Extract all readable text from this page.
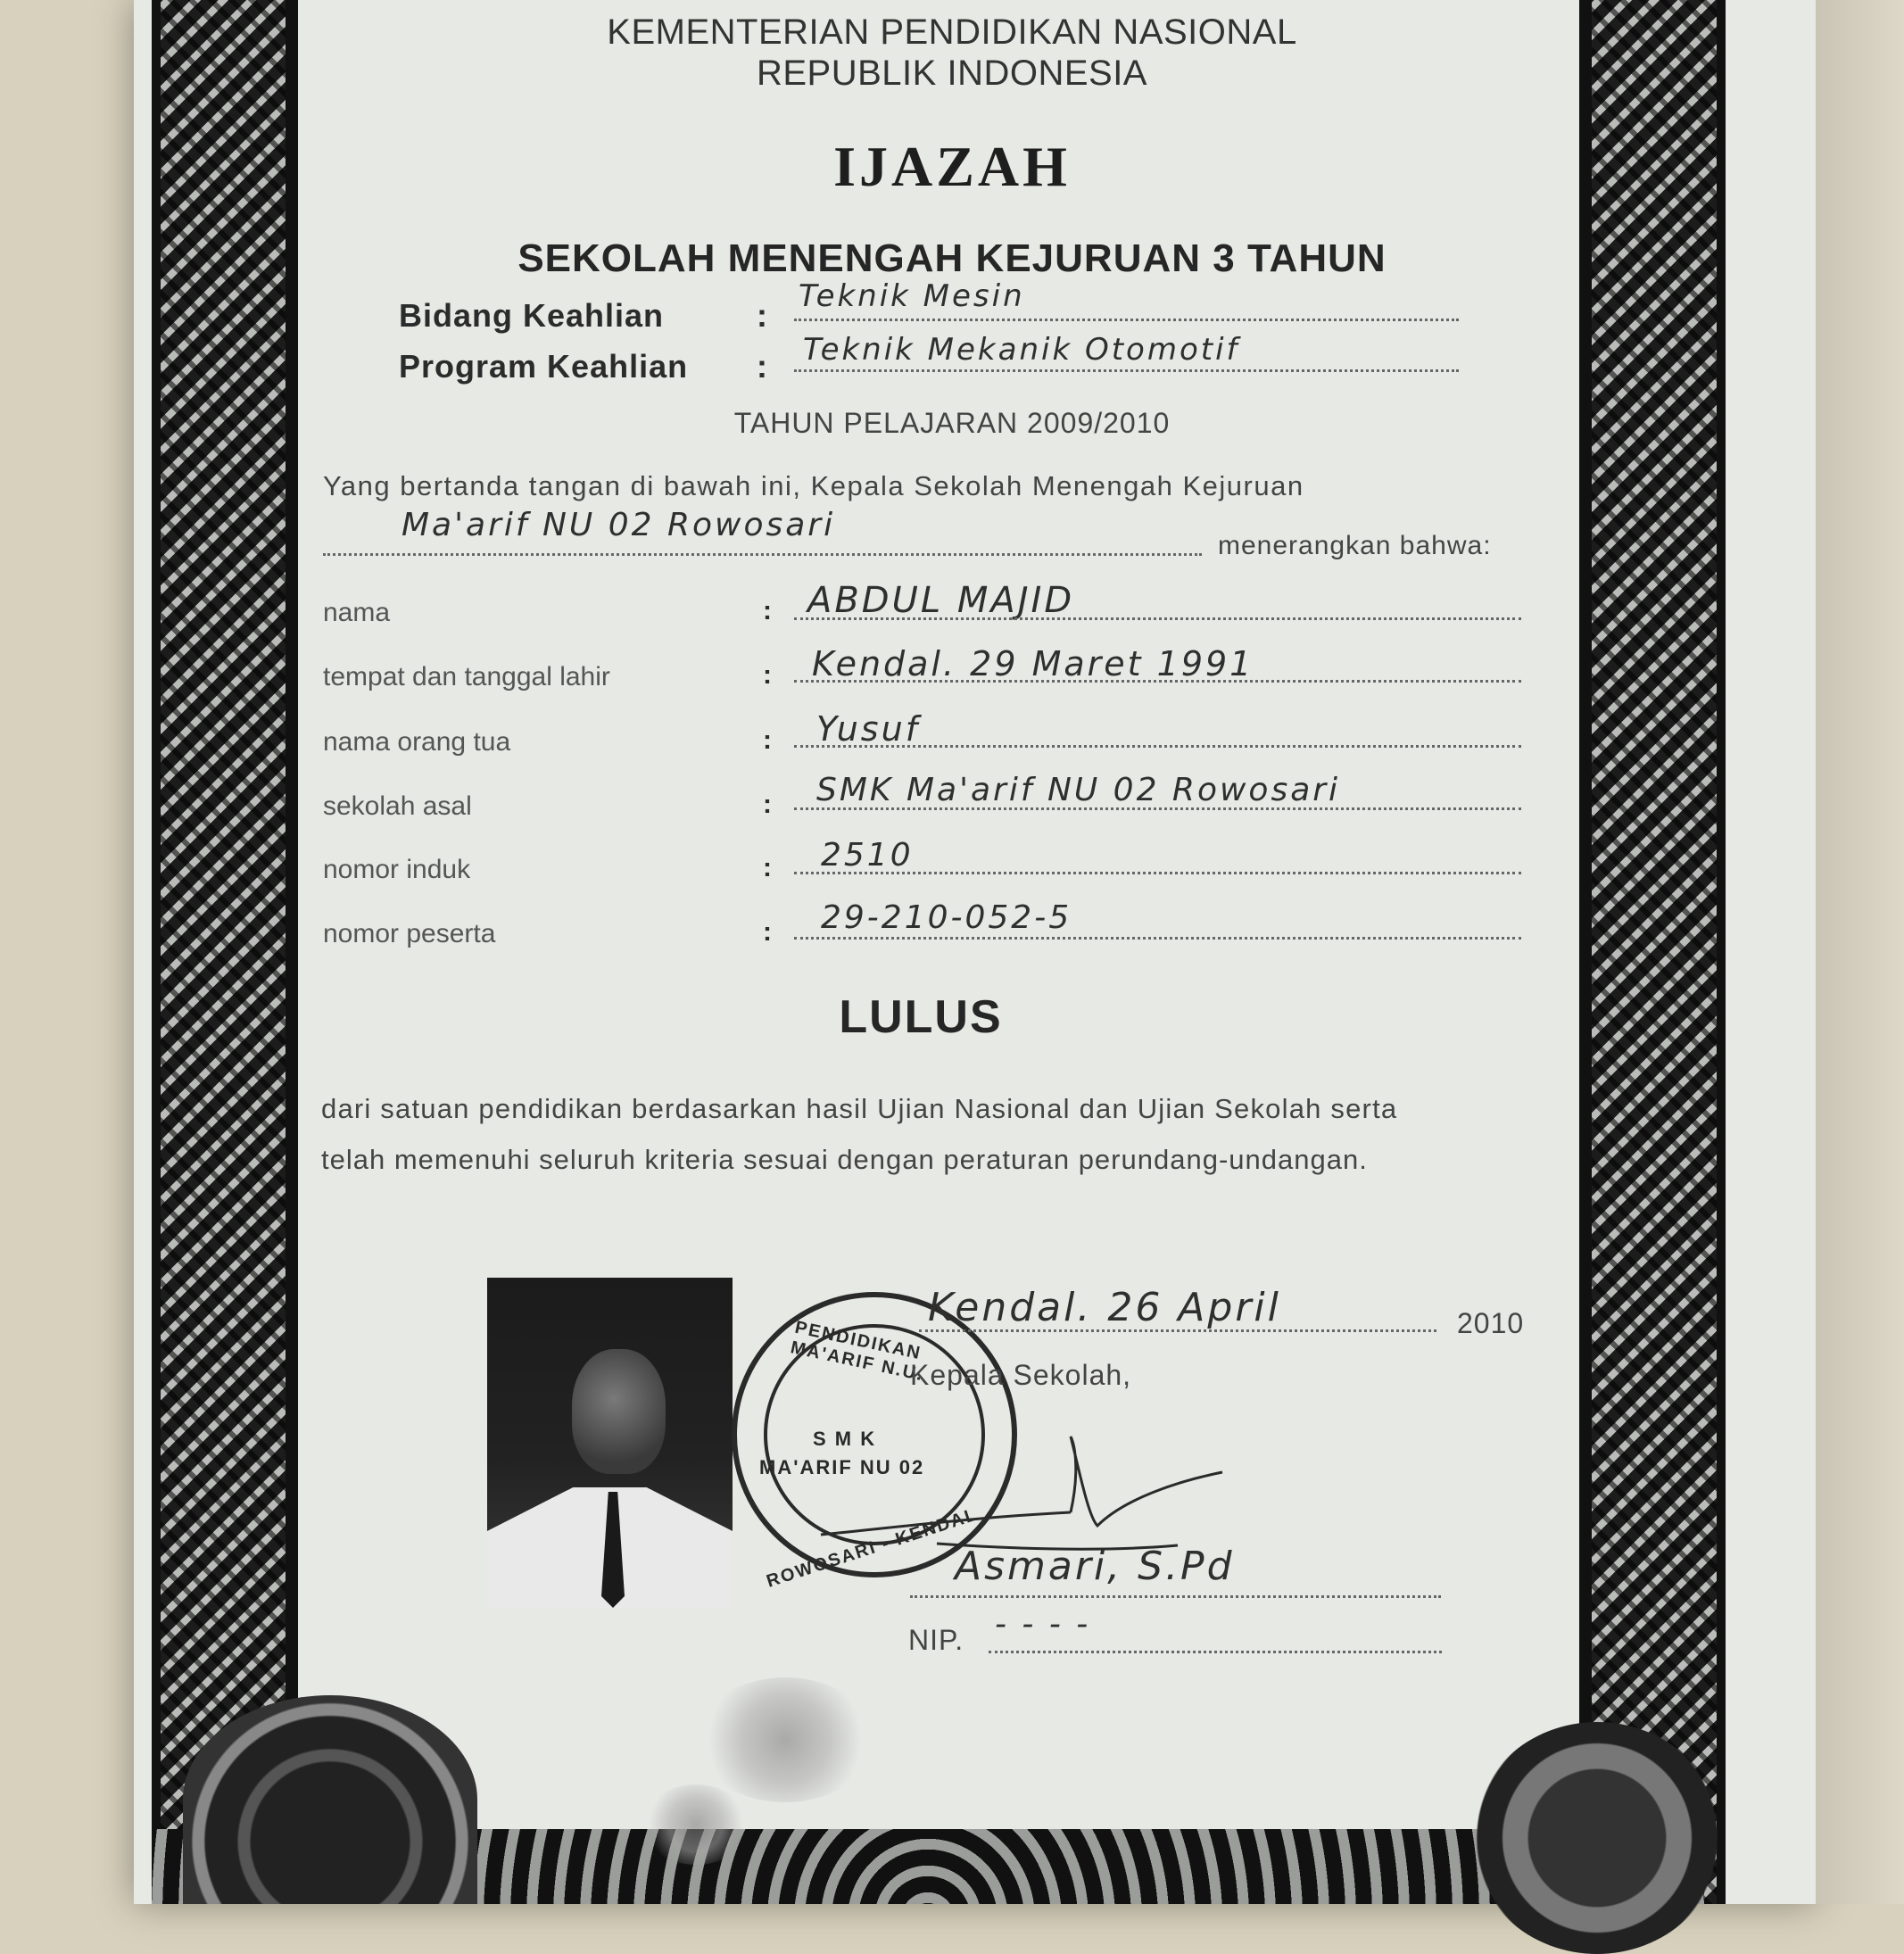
KEMENTERIAN PENDIDIKAN NASIONAL
REPUBLIK INDONESIA
IJAZAH
SEKOLAH MENENGAH KEJURUAN 3 TAHUN
Bidang Keahlian	:
Teknik Mesin
Program Keahlian : Teknik Mekanik Otomotif
TAHUN PELAJARAN 2009/2010
Yang bertanda tangan di bawah ini, Kepala Sekolah Menengah Kejuruan
Ma'arif NU 02 Rowosari
menerangkan bahwa:
nama	: ABDUL MAJID
tempat dan tanggal lahir	: Kendal. 29 Maret 1991
nama orang tua	: Yusuf
sekolah asal	: SMK Ma'arif NU 02 Rowosari
nomor induk	: 2510
nomor peserta	: 29-210-052-5
LULUS
dari satuan pendidikan berdasarkan hasil Ujian Nasional dan Ujian Sekolah serta
telah memenuhi seluruh kriteria sesuai dengan peraturan perundang-undangan.
PENDIDIKAN MA'ARIF N.U.
S M K
MA'ARIF NU 02
ROWOSARI - KENDAL
Kendal. 26 April	2010
Kepala Sekolah,
Asmari, S.Pd
NIP. - - - -
